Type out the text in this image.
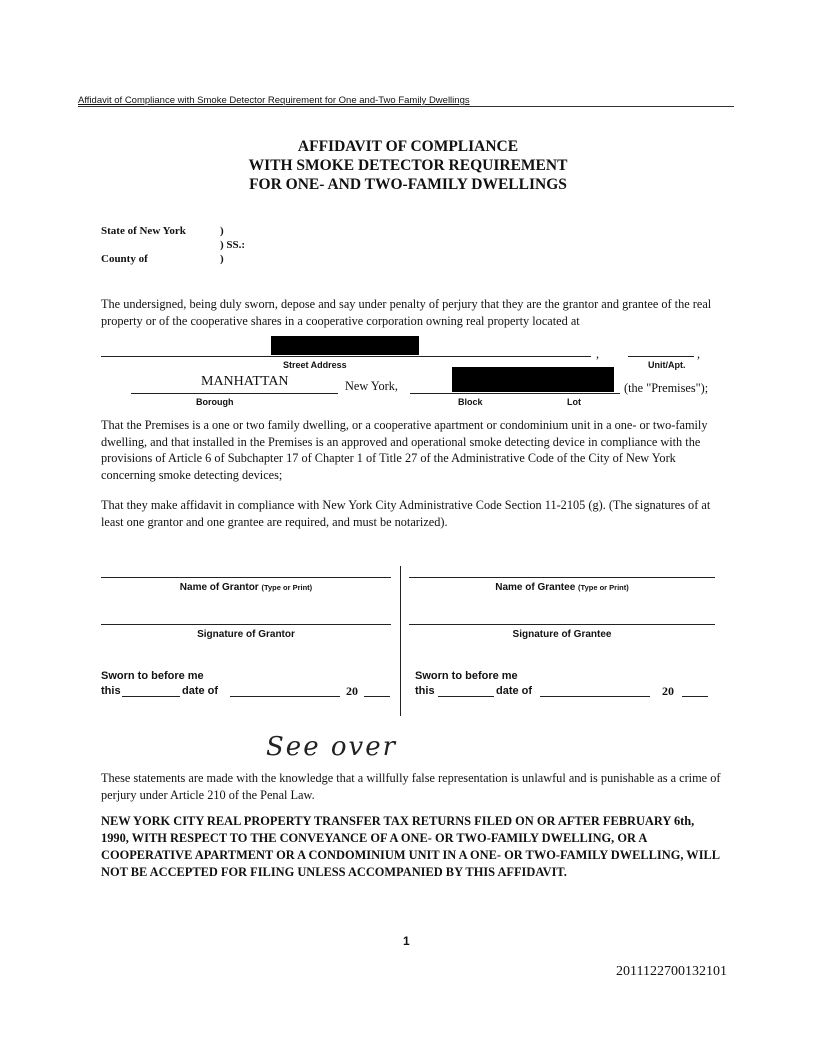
Affidavit of Compliance with Smoke Detector Requirement for One and-Two Family Dwellings
AFFIDAVIT OF COMPLIANCE
WITH SMOKE DETECTOR REQUIREMENT
FOR ONE- AND TWO-FAMILY DWELLINGS
State of New York	)
) SS.:
County of	)
The undersigned, being duly sworn, depose and say under penalty of perjury that they are the grantor and grantee of the real property or of the cooperative shares in a cooperative corporation owning real property located at
,	,
Street Address	Unit/Apt.
MANHATTAN	New York,	(the "Premises");
Borough	Block	Lot
That the Premises is a one or two family dwelling, or a cooperative apartment or condominium unit in a one- or two-family dwelling, and that installed in the Premises is an approved and operational smoke detecting device in compliance with the provisions of Article 6 of Subchapter 17 of Chapter 1 of Title 27 of the Administrative Code of the City of New York concerning smoke detecting devices;
That they make affidavit in compliance with New York City Administrative Code Section 11-2105 (g). (The signatures of at least one grantor and one grantee are required, and must be notarized).
Name of Grantor (Type or Print)
Signature of Grantor
Sworn to before me
this	date of	20
Name of Grantee (Type or Print)
Signature of Grantee
Sworn to before me
this	date of	20
See over
These statements are made with the knowledge that a willfully false representation is unlawful and is punishable as a crime of perjury under Article 210 of the Penal Law.
NEW YORK CITY REAL PROPERTY TRANSFER TAX RETURNS FILED ON OR AFTER FEBRUARY 6th, 1990, WITH RESPECT TO THE CONVEYANCE OF A ONE- OR TWO-FAMILY DWELLING, OR A COOPERATIVE APARTMENT OR A CONDOMINIUM UNIT IN A ONE- OR TWO-FAMILY DWELLING, WILL NOT BE ACCEPTED FOR FILING UNLESS ACCOMPANIED BY THIS AFFIDAVIT.
1
2011122700132101
